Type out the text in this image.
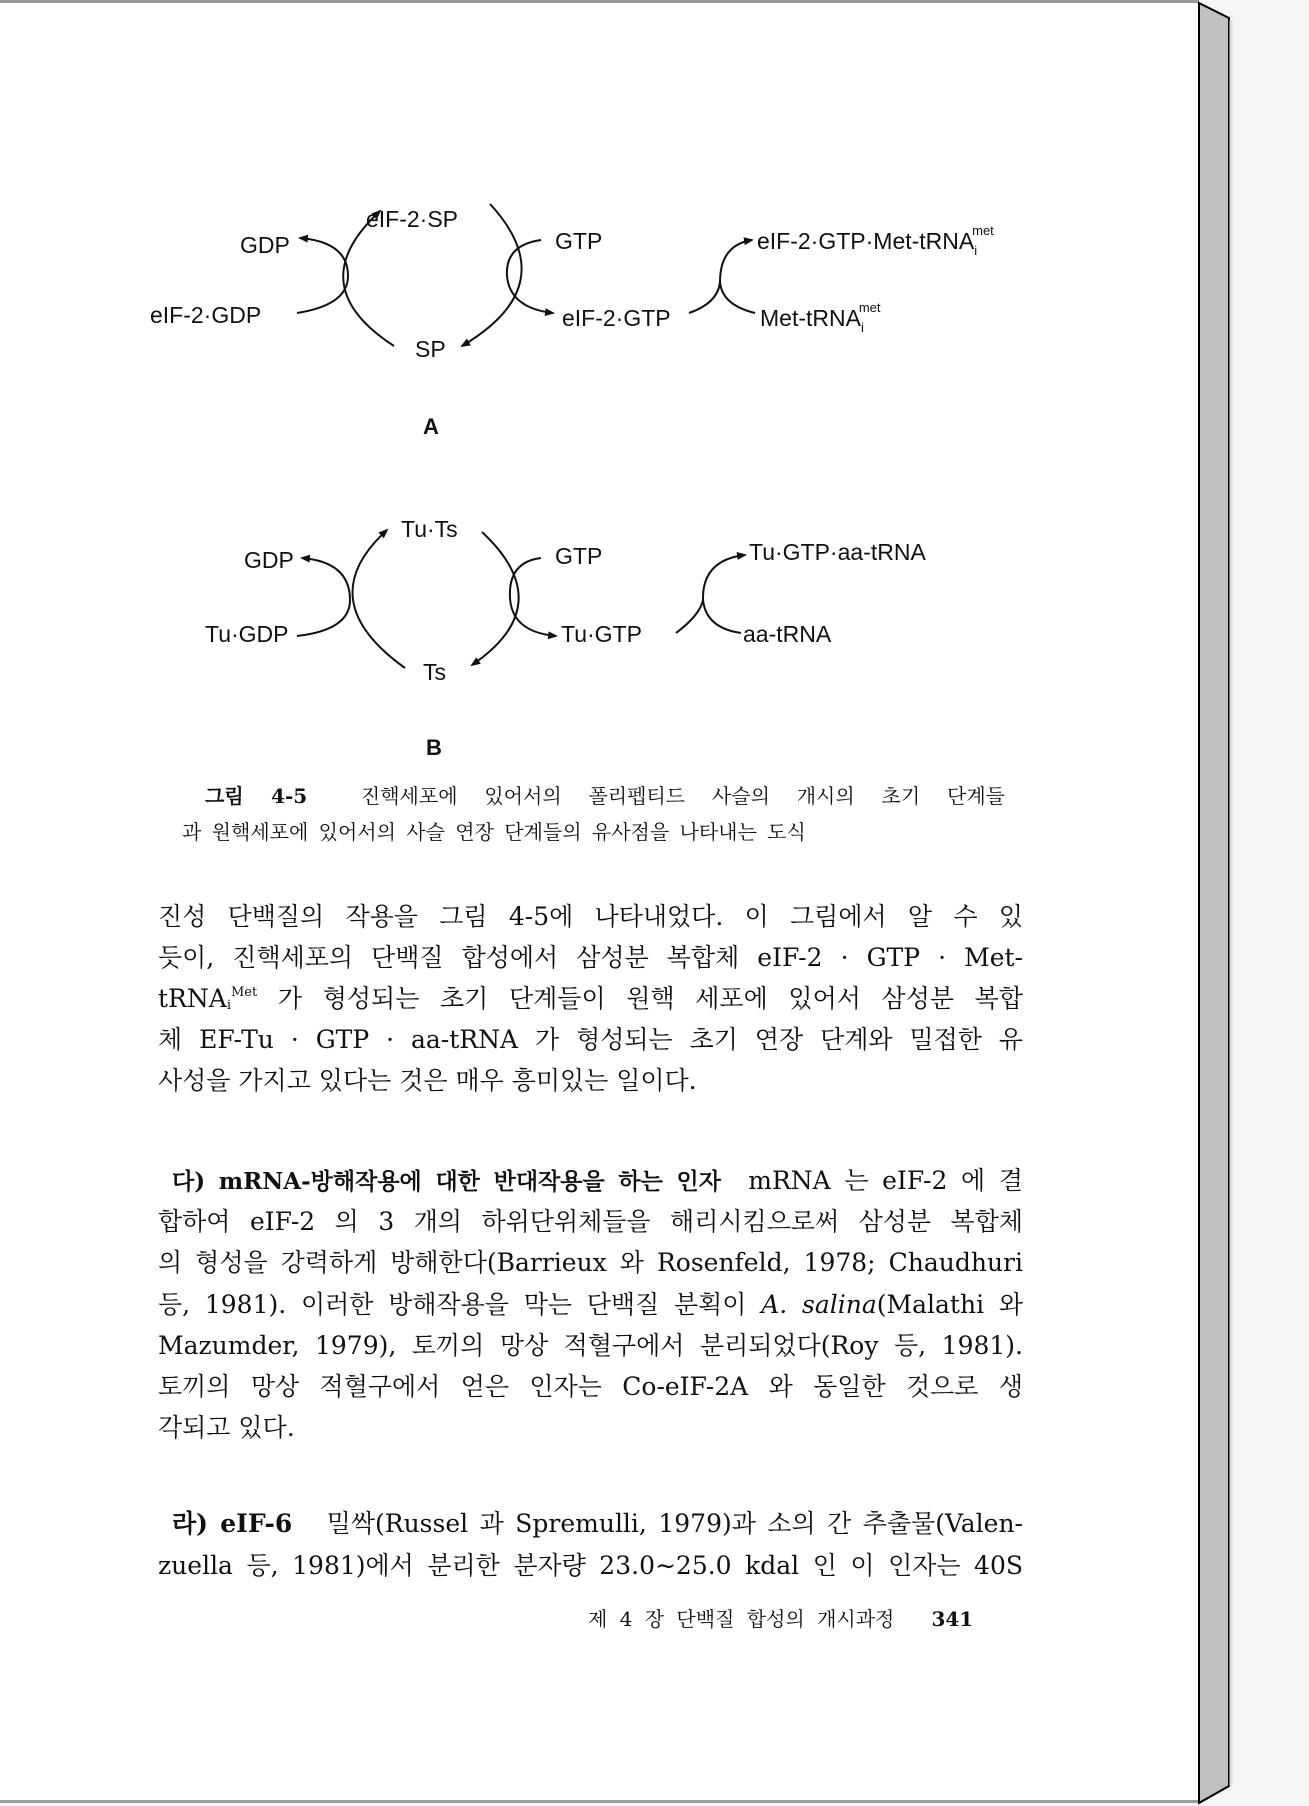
eIF-2·SP
GDP	GTP	eIF-2·GTP·Met-tRNA$_i$met
eIF-2·GDP	eIF-2·GTP	Met-tRNA$_i$met
SP
A
Tu·Ts
GDP	GTP	Tu·GTP·aa-tRNA
Tu·GDP	Tu·GTP	aa-tRNA
Ts
B
그림 4-5	진핵세포에 있어서의 폴리펩티드 사슬의 개시의 초기 단계들
과 원핵세포에 있어서의 사슬 연장 단계들의 유사점을 나타내는 도식
진성 단백질의 작용을 그림 4-5에 나타내었다. 이 그림에서 알 수 있
듯이, 진핵세포의 단백질 합성에서 삼성분 복합체 eIF-2 · GTP · Met-
tRNA$_i^{Met}$ 가 형성되는 초기 단계들이 원핵 세포에 있어서 삼성분 복합
체 EF-Tu · GTP · aa-tRNA 가 형성되는 초기 연장 단계와 밀접한 유
사성을 가지고 있다는 것은 매우 흥미있는 일이다.
다) mRNA-방해작용에 대한 반대작용을 하는 인자 mRNA 는 eIF-2 에 결
합하여 eIF-2 의 3 개의 하위단위체들을 해리시킴으로써 삼성분 복합체
의 형성을 강력하게 방해한다(Barrieux 와 Rosenfeld, 1978; Chaudhuri
등, 1981). 이러한 방해작용을 막는 단백질 분획이 A. salina(Malathi 와
Mazumder, 1979), 토끼의 망상 적혈구에서 분리되었다(Roy 등, 1981).
토끼의 망상 적혈구에서 얻은 인자는 Co-eIF-2A 와 동일한 것으로 생
각되고 있다.
라) eIF-6 밀싹(Russel 과 Spremulli, 1979)과 소의 간 추출물(Valen-
zuella 등, 1981)에서 분리한 분자량 23.0∼25.0 kdal 인 이 인자는 40S
제 4 장 단백질 합성의 개시과정 341
